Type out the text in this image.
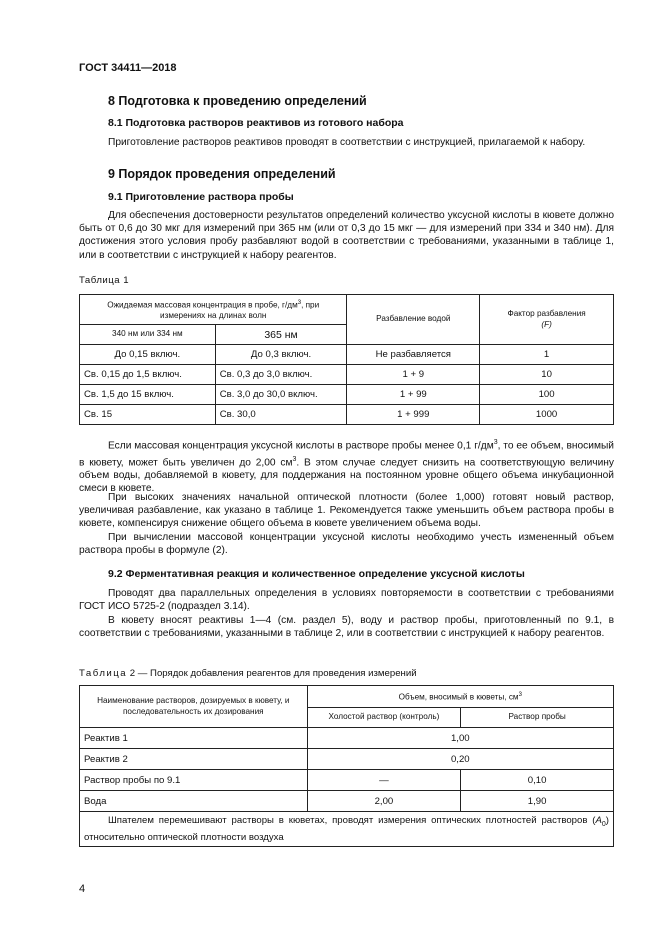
ГОСТ 34411—2018
8 Подготовка к проведению определений
8.1 Подготовка растворов реактивов из готового набора
Приготовление растворов реактивов проводят в соответствии с инструкцией, прилагаемой к набору.
9 Порядок проведения определений
9.1 Приготовление раствора пробы
Для обеспечения достоверности результатов определений количество уксусной кислоты в кювете должно быть от 0,6 до 30 мкг для измерений при 365 нм (или от 0,3 до 15 мкг — для измерений при 334 и 340 нм). Для достижения этого условия пробу разбавляют водой в соответствии с требованиями, указанными в таблице 1, или в соответствии с инструкцией к набору реагентов.
Таблица 1
Ожидаемая массовая концентрация в пробе, $г/дм^3$, при измерениях на длинах волн		Разбавление водой	Фактор разбавления
(F)
340 нм или 334 нм	365 нм		
До 0,15 включ.	До 0,3 включ.	Не разбавляется	1
Св. 0,15 до 1,5 включ.	Св. 0,3 до 3,0 включ.	1 + 9	10
Св. 1,5 до 15 включ.	Св. 3,0 до 30,0 включ.	1 + 99	100
Св. 15	Св. 30,0	1 + 999	1000
Если массовая концентрация уксусной кислоты в растворе пробы менее 0,1 $г/дм^3$, то ее объем, вносимый в кювету, может быть увеличен до 2,00 $см^3$. В этом случае следует снизить на соответствующую величину объем воды, добавляемой в кювету, для поддержания на постоянном уровне общего объема инкубационной смеси в кювете.
При высоких значениях начальной оптической плотности (более 1,000) готовят новый раствор, увеличивая разбавление, как указано в таблице 1. Рекомендуется также уменьшить объем раствора пробы в кювете, компенсируя снижение общего объема в кювете увеличением объема воды.
При вычислении массовой концентрации уксусной кислоты необходимо учесть измененный объем раствора пробы в формуле (2).
9.2 Ферментативная реакция и количественное определение уксусной кислоты
Проводят два параллельных определения в условиях повторяемости в соответствии с требованиями ГОСТ ИСО 5725-2 (подраздел 3.14).
В кювету вносят реактивы 1—4 (см. раздел 5), воду и раствор пробы, приготовленный по 9.1, в соответствии с требованиями, указанными в таблице 2, или в соответствии с инструкцией к набору реагентов.
Таблица 2 — Порядок добавления реагентов для проведения измерений
Наименование растворов, дозируемых в кювету, и последовательность их дозирования	Объем, вносимый в кюветы, $см^3$
	Холостой раствор (контроль)	Раствор пробы
Реактив 1	1,00	
Реактив 2	0,20	
Раствор пробы по 9.1	—	0,10
Вода	2,00	1,90
Шпателем перемешивают растворы в кюветах, проводят измерения оптических плотностей растворов $(A_0)$ относительно оптической плотности воздуха		
4
